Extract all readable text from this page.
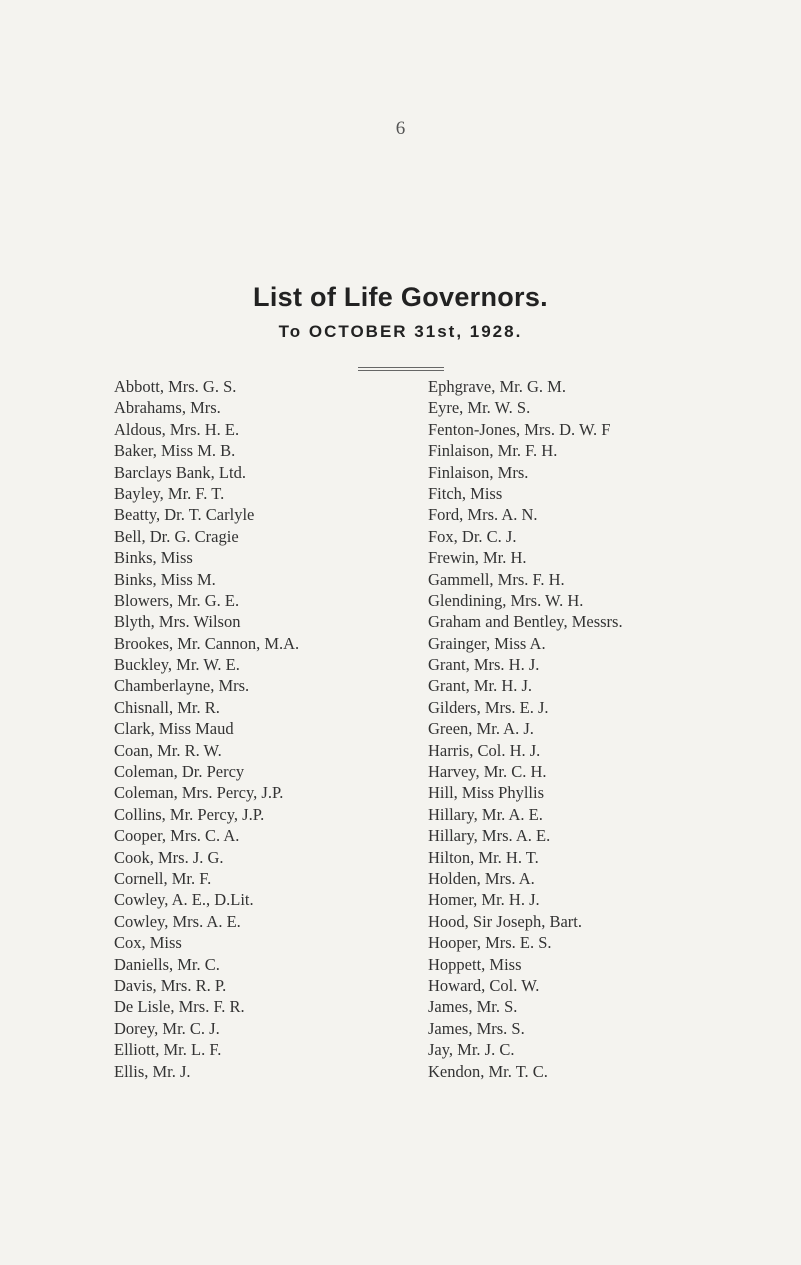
6
List of Life Governors.
To OCTOBER 31st, 1928.
Abbott, Mrs. G. S.
Abrahams, Mrs.
Aldous, Mrs. H. E.
Baker, Miss M. B.
Barclays Bank, Ltd.
Bayley, Mr. F. T.
Beatty, Dr. T. Carlyle
Bell, Dr. G. Cragie
Binks, Miss
Binks, Miss M.
Blowers, Mr. G. E.
Blyth, Mrs. Wilson
Brookes, Mr. Cannon, M.A.
Buckley, Mr. W. E.
Chamberlayne, Mrs.
Chisnall, Mr. R.
Clark, Miss Maud
Coan, Mr. R. W.
Coleman, Dr. Percy
Coleman, Mrs. Percy, J.P.
Collins, Mr. Percy, J.P.
Cooper, Mrs. C. A.
Cook, Mrs. J. G.
Cornell, Mr. F.
Cowley, A. E., D.Lit.
Cowley, Mrs. A. E.
Cox, Miss
Daniells, Mr. C.
Davis, Mrs. R. P.
De Lisle, Mrs. F. R.
Dorey, Mr. C. J.
Elliott, Mr. L. F.
Ellis, Mr. J.
Ephgrave, Mr. G. M.
Eyre, Mr. W. S.
Fenton-Jones, Mrs. D. W. F
Finlaison, Mr. F. H.
Finlaison, Mrs.
Fitch, Miss
Ford, Mrs. A. N.
Fox, Dr. C. J.
Frewin, Mr. H.
Gammell, Mrs. F. H.
Glendining, Mrs. W. H.
Graham and Bentley, Messrs.
Grainger, Miss A.
Grant, Mrs. H. J.
Grant, Mr. H. J.
Gilders, Mrs. E. J.
Green, Mr. A. J.
Harris, Col. H. J.
Harvey, Mr. C. H.
Hill, Miss Phyllis
Hillary, Mr. A. E.
Hillary, Mrs. A. E.
Hilton, Mr. H. T.
Holden, Mrs. A.
Homer, Mr. H. J.
Hood, Sir Joseph, Bart.
Hooper, Mrs. E. S.
Hoppett, Miss
Howard, Col. W.
James, Mr. S.
James, Mrs. S.
Jay, Mr. J. C.
Kendon, Mr. T. C.
